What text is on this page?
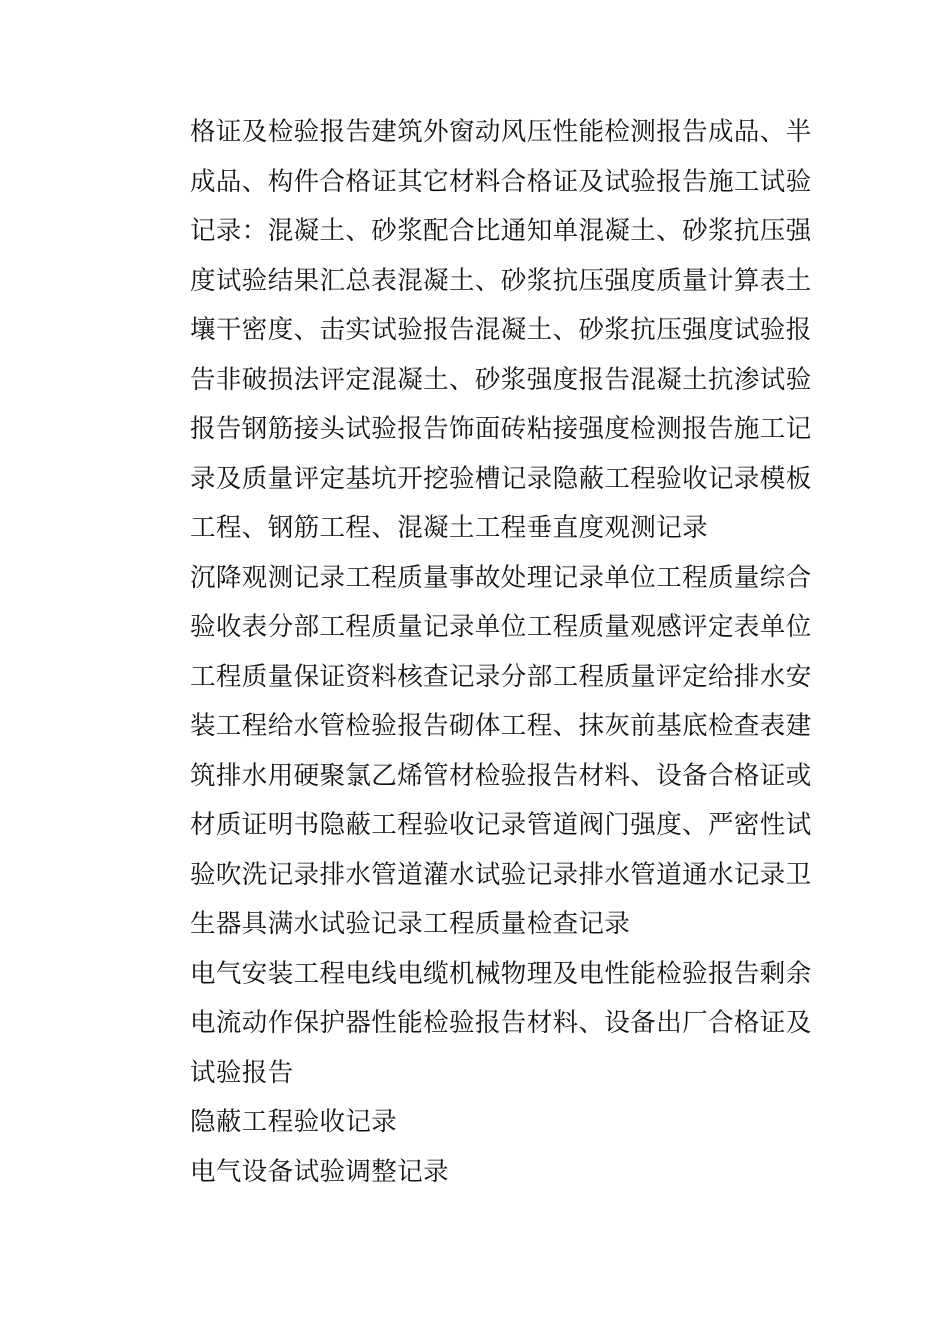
格证及检验报告建筑外窗动风压性能检测报告成品、半成品、构件合格证其它材料合格证及试验报告施工试验记录：混凝土、砂浆配合比通知单混凝土、砂浆抗压强度试验结果汇总表混凝土、砂浆抗压强度质量计算表土壤干密度、击实试验报告混凝土、砂浆抗压强度试验报告非破损法评定混凝土、砂浆强度报告混凝土抗渗试验报告钢筋接头试验报告饰面砖粘接强度检测报告施工记录及质量评定基坑开挖验槽记录隐蔽工程验收记录模板工程、钢筋工程、混凝土工程垂直度观测记录

沉降观测记录工程质量事故处理记录单位工程质量综合验收表分部工程质量记录单位工程质量观感评定表单位工程质量保证资料核查记录分部工程质量评定给排水安装工程给水管检验报告砌体工程、抹灰前基底检查表建筑排水用硬聚氯乙烯管材检验报告材料、设备合格证或材质证明书隐蔽工程验收记录管道阀门强度、严密性试验吹洗记录排水管道灌水试验记录排水管道通水记录卫生器具满水试验记录工程质量检查记录

电气安装工程电线电缆机械物理及电性能检验报告剩余电流动作保护器性能检验报告材料、设备出厂合格证及试验报告

隐蔽工程验收记录

电气设备试验调整记录
